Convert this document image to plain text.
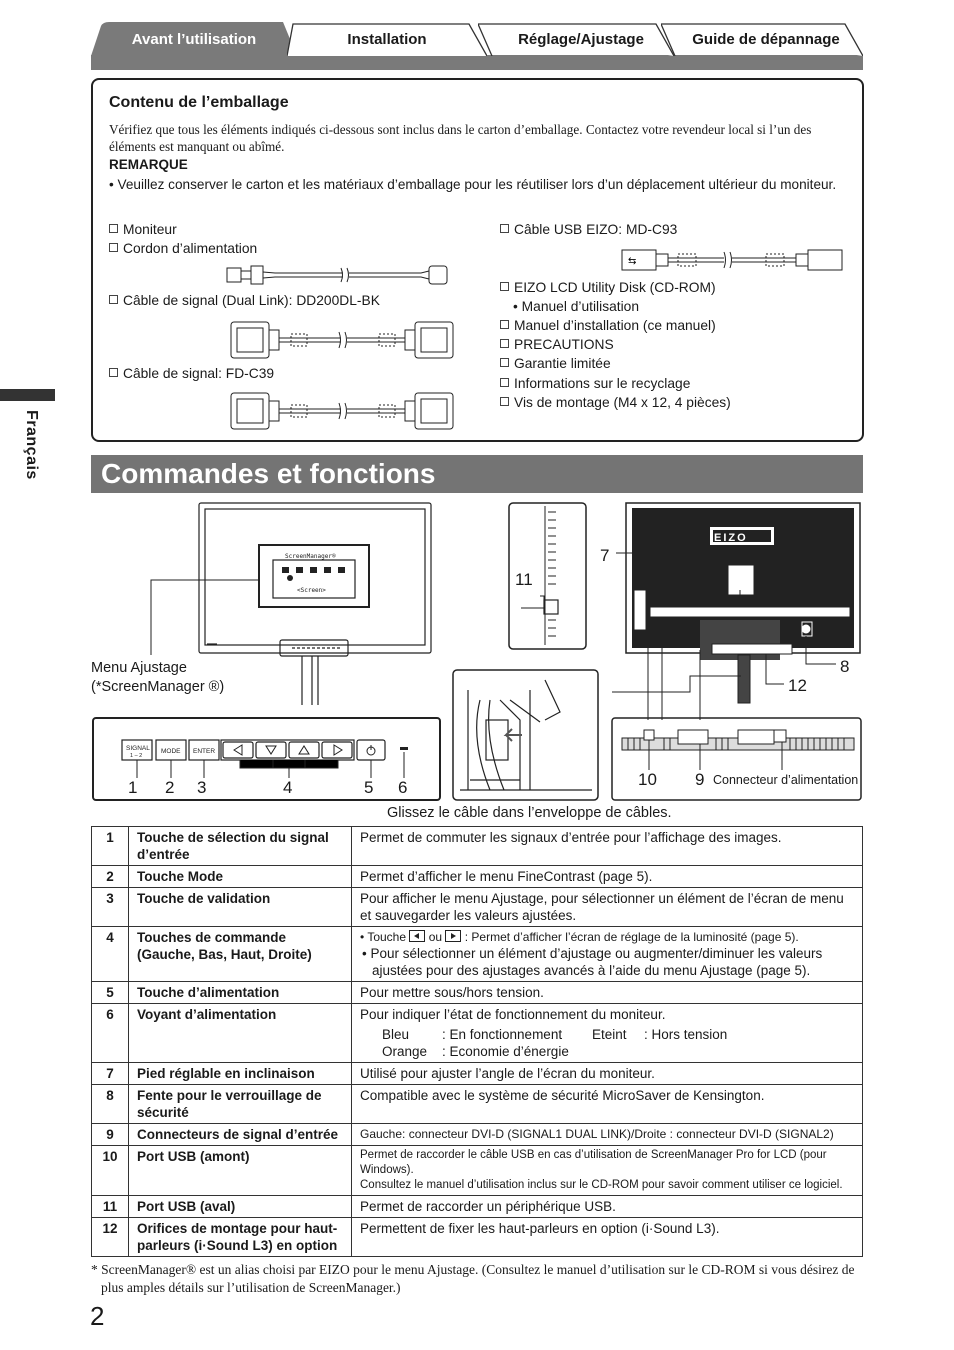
Avant l’utilisation	Installation	Réglage/Ajustage	Guide de dépannage
Contenu de l’emballage
Vérifiez que tous les éléments indiqués ci-dessous sont inclus dans le carton d’emballage. Contactez votre revendeur local si l’un des éléments est manquant ou abîmé.
REMARQUE
• Veuillez conserver le carton et les matériaux d’emballage pour les réutiliser lors d’un déplacement ultérieur du moniteur.
Moniteur
Cordon d’alimentation
Câble de signal (Dual Link): DD200DL-BK
Câble de signal: FD-C39
Câble USB EIZO: MD-C93
EIZO LCD Utility Disk (CD-ROM)
• Manuel d’utilisation
Manuel d’installation (ce manuel)
PRECAUTIONS
Garantie limitée
Informations sur le recyclage
Vis de montage (M4 x 12, 4 pièces)
⇆
Français	Commandes et fonctions
ScreenManager®
<Screen>
SIGNAL
1 – 2
MODE ENTER
EIZO
Menu Ajustage
(*ScreenManager ®)
1 2 3	4	5 6
7
8
9
10
11
12
Connecteur d’alimentation
Glissez le câble dans l’enveloppe de câbles.
1	Touche de sélection du signal d’entrée	Permet de commuter les signaux d’entrée pour l’affichage des images.
2	Touche Mode	Permet d’afficher le menu FineContrast (page 5).
3	Touche de validation	Pour afficher le menu Ajustage, pour sélectionner un élément de l’écran de menu et sauvegarder les valeurs ajustées.
4	Touches de commande (Gauche, Bas, Haut, Droite)	• Touche ou : Permet d’afficher l’écran de réglage de la luminosité (page 5).
• Pour sélectionner un élément d’ajustage ou augmenter/diminuer les valeurs ajustées pour des ajustages avancés à l’aide du menu Ajustage (page 5).

5	Touche d’alimentation	Pour mettre sous/hors tension.
6	Voyant d’alimentation	Pour indiquer l’état de fonctionnement du moniteur.
Bleu : En fonctionnement Eteint : Hors tension
Orange : Economie d’énergie

7	Pied réglable en inclinaison	Utilisé pour ajuster l’angle de l’écran du moniteur.
8	Fente pour le verrouillage de sécurité	Compatible avec le système de sécurité MicroSaver de Kensington.
9	Connecteurs de signal d’entrée	Gauche: connecteur DVI-D (SIGNAL1 DUAL LINK)/Droite : connecteur DVI-D (SIGNAL2)
10	Port USB (amont)	Permet de raccorder le câble USB en cas d’utilisation de ScreenManager Pro for LCD (pour Windows).
Consultez le manuel d’utilisation inclus sur le CD-ROM pour savoir comment utiliser ce logiciel.

11	Port USB (aval)	Permet de raccorder un périphérique USB.
12	Orifices de montage pour haut-parleurs (i·Sound L3) en option	Permettent de fixer les haut-parleurs en option (i·Sound L3).
* ScreenManager® est un alias choisi par EIZO pour le menu Ajustage. (Consultez le manuel d’utilisation sur le CD-ROM si vous désirez de plus amples détails sur l’utilisation de ScreenManager.)
2
